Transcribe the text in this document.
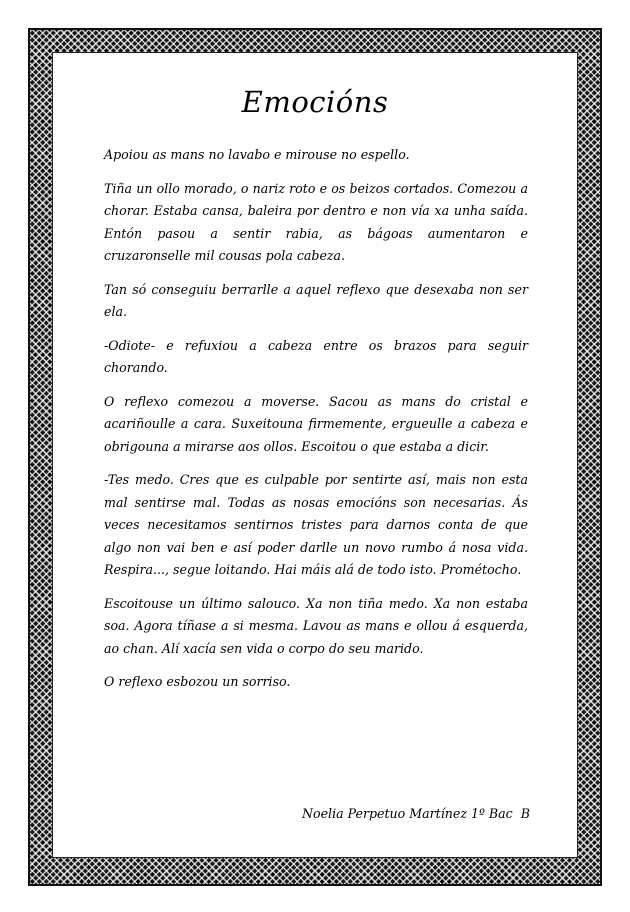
Emocións

Apoiou as mans no lavabo e mirouse no espello.

Tiña un ollo morado, o nariz roto e os beizos cortados. Comezou a chorar. Estaba cansa, baleira por dentro e non vía xa unha saída. Entón pasou a sentir rabia, as bágoas aumentaron e cruzaronselle mil cousas pola cabeza.

Tan só conseguiu berrarlle a aquel reflexo que desexaba non ser ela.

-Odiote- e refuxiou a cabeza entre os brazos para seguir chorando.

O reflexo comezou a moverse. Sacou as mans do cristal e acariñoulle a cara. Suxeitouna firmemente, ergueulle a cabeza e obrigouna a mirarse aos ollos. Escoitou o que estaba a dicir.

-Tes medo. Cres que es culpable por sentirte así, mais non esta mal sentirse mal. Todas as nosas emocións son necesarias. Ás veces necesitamos sentirnos tristes para darnos conta de que algo non vai ben e así poder darlle un novo rumbo á nosa vida. Respira..., segue loitando. Hai máis alá de todo isto. Prométocho.

Escoitouse un último salouco. Xa non tiña medo. Xa non estaba soa. Agora tíñase a si mesma. Lavou as mans e ollou á esquerda, ao chan. Alí xacía sen vida o corpo do seu marido.

O reflexo esbozou un sorriso.

Noelia Perpetuo Martínez 1º Bac  B
